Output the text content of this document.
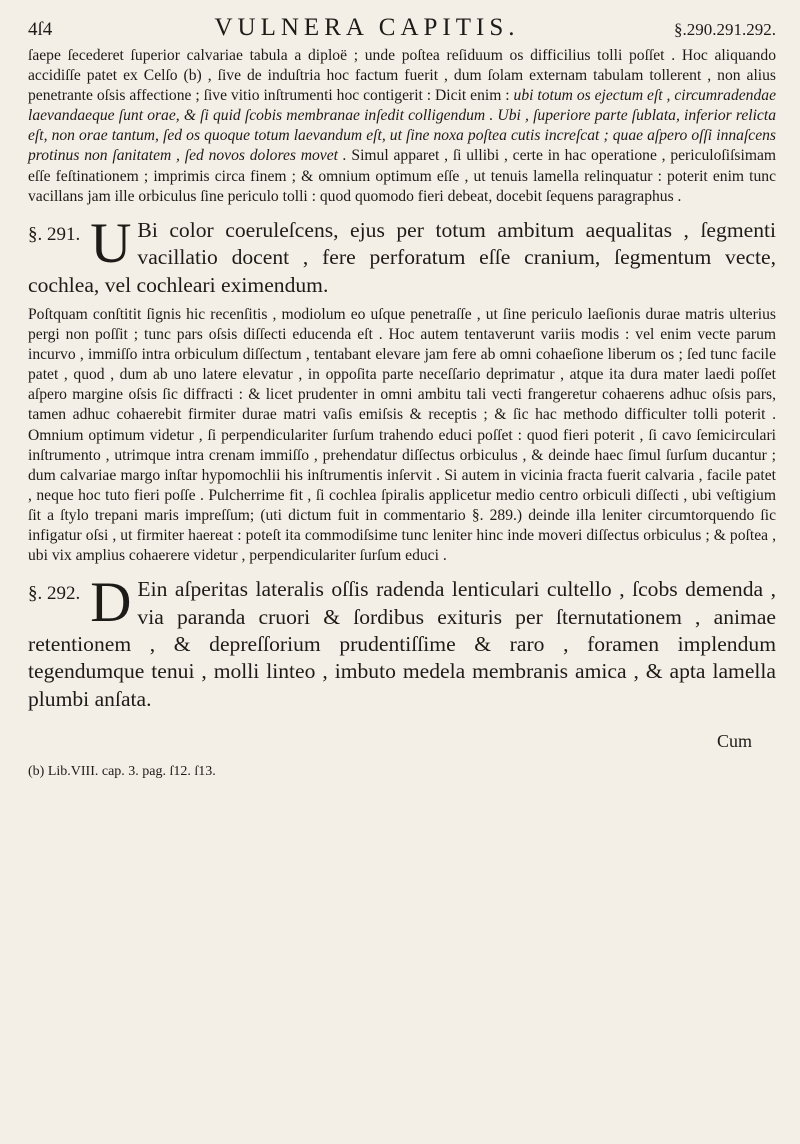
4ſ4	VULNERA CAPITIS.	§.290.291.292.

ſaepe ſecederet ſuperior calvariae tabula a diploë ; unde poſtea reſiduum os difficilius tolli poſſet . Hoc aliquando accidiſſe patet ex Celſo (b) , ſive de induſtria hoc factum fuerit , dum ſolam externam tabulam tollerent , non alius penetrante oſsis affectione ; ſive vitio inſtrumenti hoc contigerit : Dicit enim : ubi totum os ejectum eſt , circumradendae laevandaeque ſunt orae, & ſi quid ſcobis membranae inſedit colligendum . Ubi , ſuperiore parte ſublata, inferior relicta eſt, non orae tantum, ſed os quoque totum laevandum eſt, ut ſine noxa poſtea cutis increſcat ; quae aſpero oſſi innaſcens protinus non ſanitatem , ſed novos dolores movet . Simul apparet , ſi ullibi , certe in hac operatione , periculoſiſsimam eſſe feſtinationem ; imprimis circa finem ; & omnium optimum eſſe , ut tenuis lamella relinquatur : poterit enim tunc vacillans jam ille orbiculus ſine periculo tolli : quod quomodo fieri debeat, docebit ſequens paragraphus .

§. 291. U Bi color coeruleſcens, ejus per totum ambitum aequalitas , ſegmenti vacillatio docent , fere perforatum eſſe cranium, ſegmentum vecte, cochlea, vel cochleari eximendum.

Poſtquam conſtitit ſignis hic recenſitis , modiolum eo uſque penetraſſe , ut ſine periculo laeſionis durae matris ulterius pergi non poſſit ; tunc pars oſsis diſſecti educenda eſt . Hoc autem tentaverunt variis modis : vel enim vecte parum incurvo , immiſſo intra orbiculum diſſectum , tentabant elevare jam fere ab omni cohaeſione liberum os ; ſed tunc facile patet , quod , dum ab uno latere elevatur , in oppoſita parte neceſſario deprimatur , atque ita dura mater laedi poſſet aſpero margine oſsis ſic diffracti : & licet prudenter in omni ambitu tali vecti frangeretur cohaerens adhuc oſsis pars, tamen adhuc cohaerebit firmiter durae matri vaſis emiſsis & receptis ; & ſic hac methodo difficulter tolli poterit . Omnium optimum videtur , ſi perpendiculariter ſurſum trahendo educi poſſet : quod fieri poterit , ſi cavo ſemicirculari inſtrumento , utrimque intra crenam immiſſo , prehendatur diſſectus orbiculus , & deinde haec ſimul ſurſum ducantur ; dum calvariae margo inſtar hypomochlii his inſtrumentis inſervit . Si autem in vicinia fracta fuerit calvaria , facile patet , neque hoc tuto fieri poſſe . Pulcherrime fit , ſi cochlea ſpiralis applicetur medio centro orbiculi diſſecti , ubi veſtigium ſit a ſtylo trepani maris impreſſum; (uti dictum fuit in commentario §. 289.) deinde illa leniter circumtorquendo ſic infigatur oſsi , ut firmiter haereat : poteſt ita commodiſsime tunc leniter hinc inde moveri diſſectus orbiculus ; & poſtea , ubi vix amplius cohaerere videtur , perpendiculariter ſurſum educi .

§. 292. D Ein aſperitas lateralis oſſis radenda lenticulari cultello , ſcobs demenda , via paranda cruori & ſordibus exituris per ſternutationem , animae retentionem , & depreſſorium prudentiſſime & raro , foramen implendum tegendumque tenui , molli linteo , imbuto medela membranis amica , & apta lamella plumbi anſata.

Cum
(b) Lib.VIII. cap. 3. pag. ſ12. ſ13.
